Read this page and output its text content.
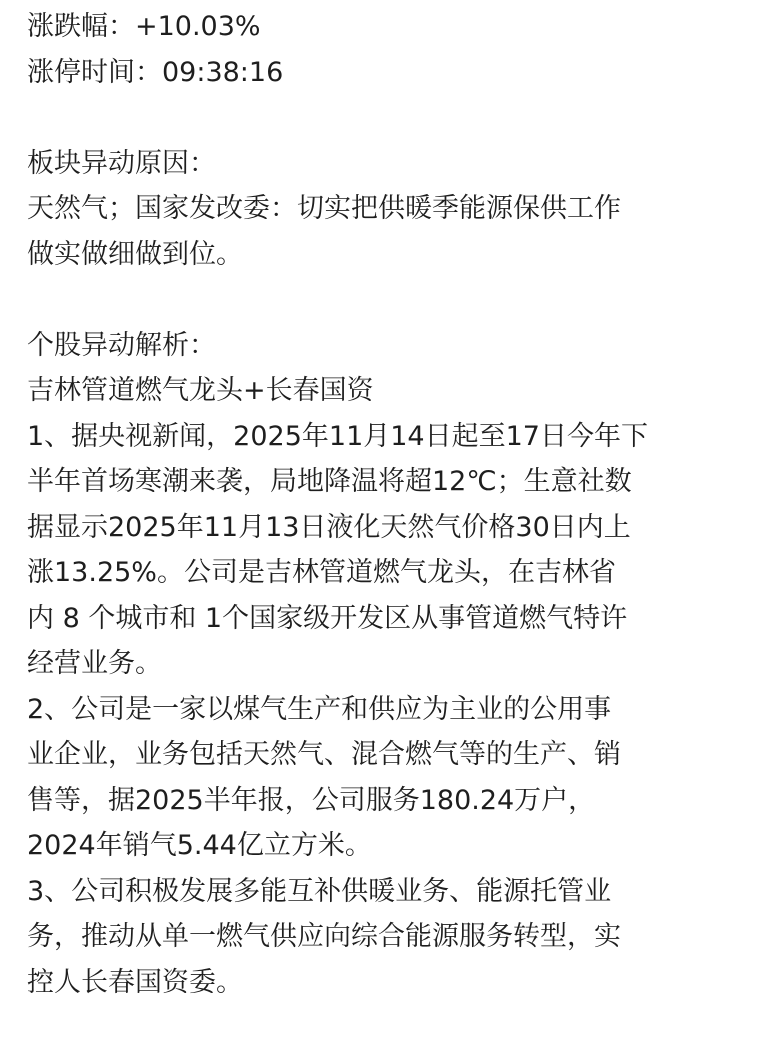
涨跌幅：+10.03%
涨停时间：09:38:16
板块异动原因：
天然气；国家发改委：切实把供暖季能源保供工作
做实做细做到位。
个股异动解析：
吉林管道燃气龙头+长春国资
1、据央视新闻，2025年11月14日起至17日今年下
半年首场寒潮来袭，局地降温将超12℃；生意社数
据显示2025年11月13日液化天然气价格30日内上
涨13.25%。公司是吉林管道燃气龙头，在吉林省
内 8 个城市和 1个国家级开发区从事管道燃气特许
经营业务。
2、公司是一家以煤气生产和供应为主业的公用事
业企业，业务包括天然气、混合燃气等的生产、销
售等，据2025半年报，公司服务180.24万户，
2024年销气5.44亿立方米。
3、公司积极发展多能互补供暖业务、能源托管业
务，推动从单一燃气供应向综合能源服务转型，实
控人长春国资委。
